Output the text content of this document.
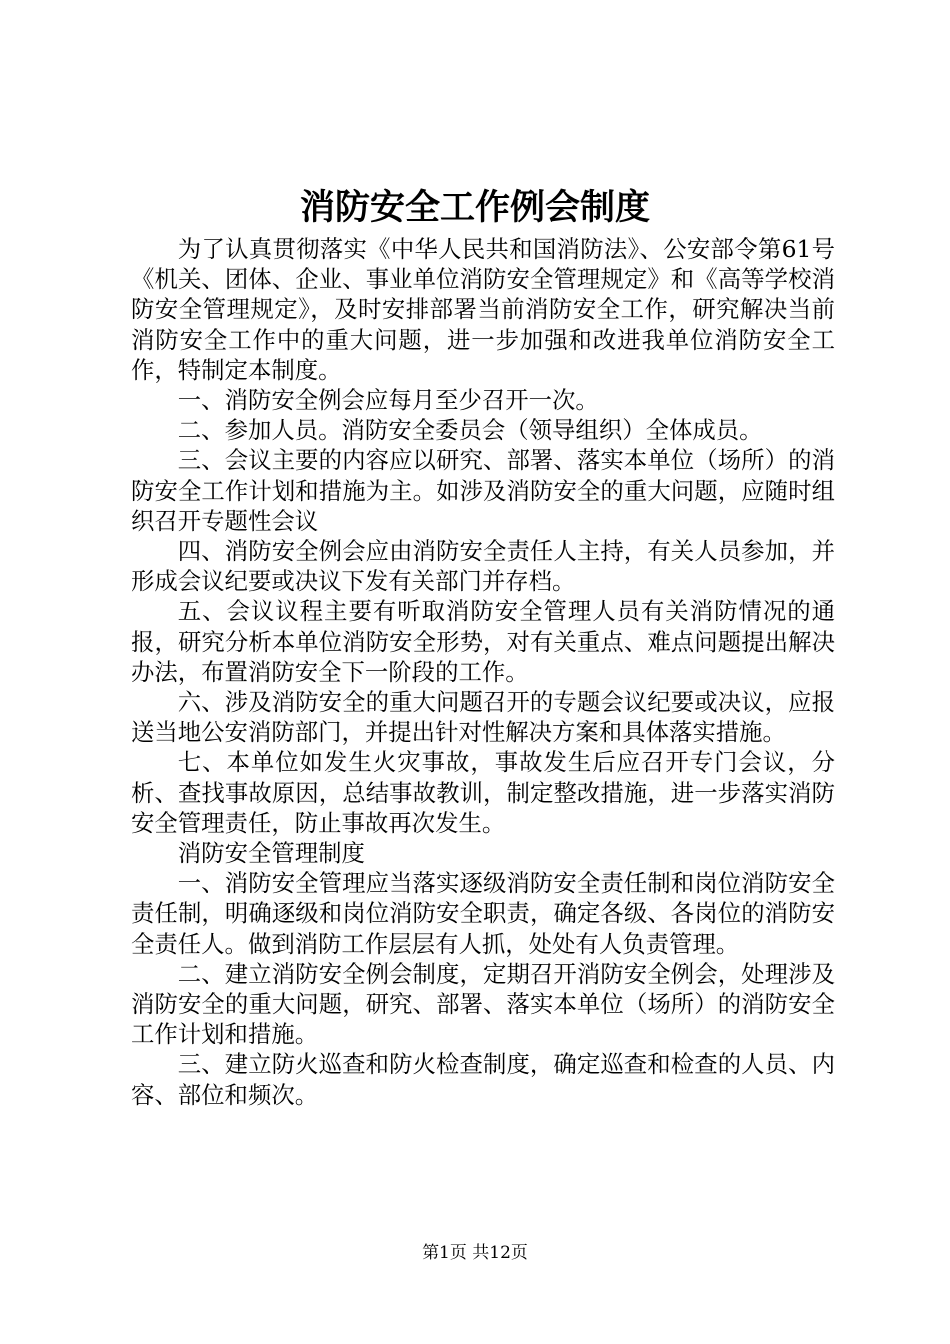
消防安全工作例会制度

为了认真贯彻落实《中华人民共和国消防法》、公安部令第61号《机关、团体、企业、事业单位消防安全管理规定》和《高等学校消防安全管理规定》，及时安排部署当前消防安全工作，研究解决当前消防安全工作中的重大问题，进一步加强和改进我单位消防安全工作，特制定本制度。

一、消防安全例会应每月至少召开一次。

二、参加人员。消防安全委员会（领导组织）全体成员。

三、会议主要的内容应以研究、部署、落实本单位（场所）的消防安全工作计划和措施为主。如涉及消防安全的重大问题，应随时组织召开专题性会议

四、消防安全例会应由消防安全责任人主持，有关人员参加，并形成会议纪要或决议下发有关部门并存档。

五、会议议程主要有听取消防安全管理人员有关消防情况的通报，研究分析本单位消防安全形势，对有关重点、难点问题提出解决办法，布置消防安全下一阶段的工作。

六、涉及消防安全的重大问题召开的专题会议纪要或决议，应报送当地公安消防部门，并提出针对性解决方案和具体落实措施。

七、本单位如发生火灾事故，事故发生后应召开专门会议，分析、查找事故原因，总结事故教训，制定整改措施，进一步落实消防安全管理责任，防止事故再次发生。

消防安全管理制度

一、消防安全管理应当落实逐级消防安全责任制和岗位消防安全责任制，明确逐级和岗位消防安全职责，确定各级、各岗位的消防安全责任人。做到消防工作层层有人抓，处处有人负责管理。

二、建立消防安全例会制度，定期召开消防安全例会，处理涉及消防安全的重大问题，研究、部署、落实本单位（场所）的消防安全工作计划和措施。

三、建立防火巡查和防火检查制度，确定巡查和检查的人员、内容、部位和频次。

第1页 共12页
